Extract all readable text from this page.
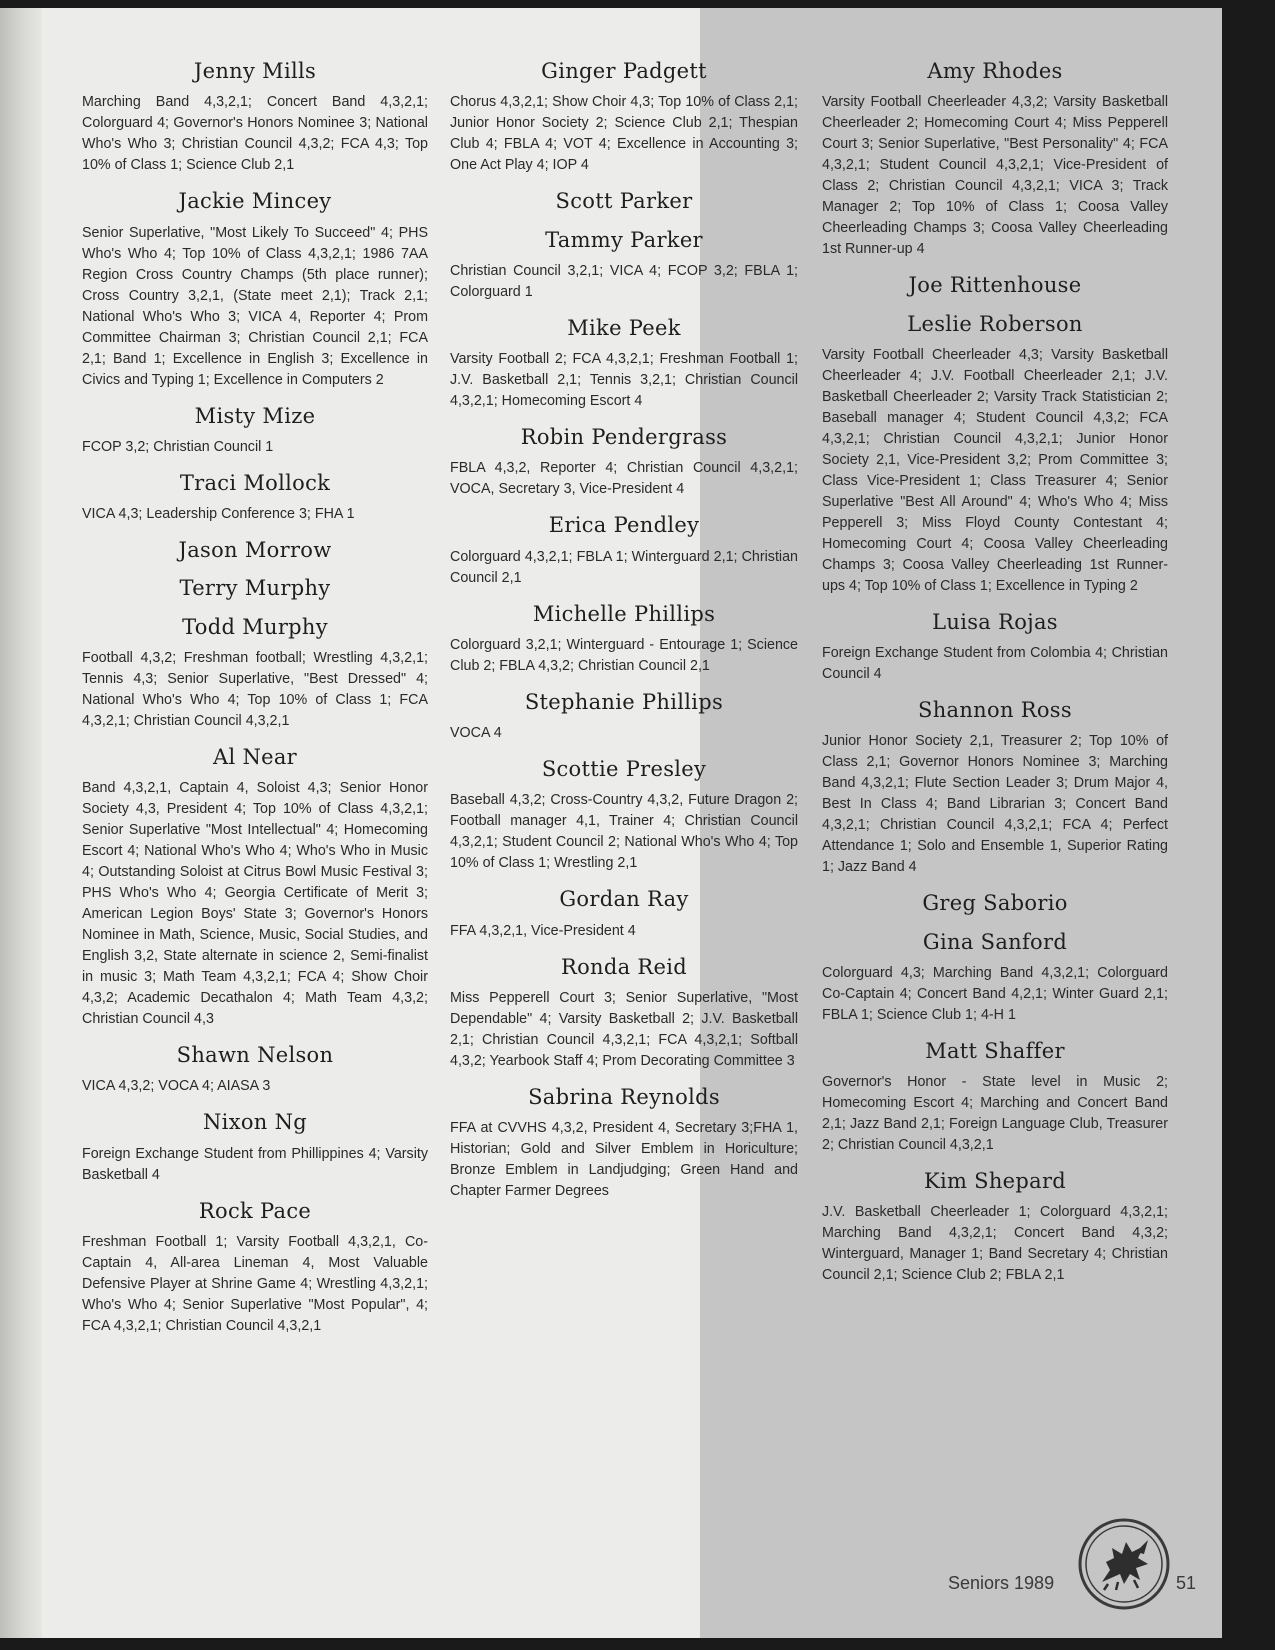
Jenny Mills

Marching Band 4,3,2,1; Concert Band 4,3,2,1; Colorguard 4; Governor's Honors Nominee 3; National Who's Who 3; Christian Council 4,3,2; FCA 4,3; Top 10% of Class 1; Science Club 2,1

Jackie Mincey

Senior Superlative, "Most Likely To Succeed" 4; PHS Who's Who 4; Top 10% of Class 4,3,2,1; 1986 7AA Region Cross Country Champs (5th place runner); Cross Country 3,2,1, (State meet 2,1); Track 2,1; National Who's Who 3; VICA 4, Reporter 4; Prom Committee Chairman 3; Christian Council 2,1; FCA 2,1; Band 1; Excellence in English 3; Excellence in Civics and Typing 1; Excellence in Computers 2

Misty Mize

FCOP 3,2; Christian Council 1

Traci Mollock

VICA 4,3; Leadership Conference 3; FHA 1

Jason Morrow
Terry Murphy
Todd Murphy

Football 4,3,2; Freshman football; Wrestling 4,3,2,1; Tennis 4,3; Senior Superlative, "Best Dressed" 4; National Who's Who 4; Top 10% of Class 1; FCA 4,3,2,1; Christian Council 4,3,2,1

Al Near

Band 4,3,2,1, Captain 4, Soloist 4,3; Senior Honor Society 4,3, President 4; Top 10% of Class 4,3,2,1; Senior Superlative "Most Intellectual" 4; Homecoming Escort 4; National Who's Who 4; Who's Who in Music 4; Outstanding Soloist at Citrus Bowl Music Festival 3; PHS Who's Who 4; Georgia Certificate of Merit 3; American Legion Boys' State 3; Governor's Honors Nominee in Math, Science, Music, Social Studies, and English 3,2, State alternate in science 2, Semi-finalist in music 3; Math Team 4,3,2,1; FCA 4; Show Choir 4,3,2; Academic Decathalon 4; Math Team 4,3,2; Christian Council 4,3

Shawn Nelson

VICA 4,3,2; VOCA 4; AIASA 3

Nixon Ng

Foreign Exchange Student from Phillippines 4; Varsity Basketball 4

Rock Pace

Freshman Football 1; Varsity Football 4,3,2,1, Co-Captain 4, All-area Lineman 4, Most Valuable Defensive Player at Shrine Game 4; Wrestling 4,3,2,1; Who's Who 4; Senior Superlative "Most Popular", 4; FCA 4,3,2,1; Christian Council 4,3,2,1

Ginger Padgett

Chorus 4,3,2,1; Show Choir 4,3; Top 10% of Class 2,1; Junior Honor Society 2; Science Club 2,1; Thespian Club 4; FBLA 4; VOT 4; Excellence in Accounting 3; One Act Play 4; IOP 4

Scott Parker
Tammy Parker

Christian Council 3,2,1; VICA 4; FCOP 3,2; FBLA 1; Colorguard 1

Mike Peek

Varsity Football 2; FCA 4,3,2,1; Freshman Football 1; J.V. Basketball 2,1; Tennis 3,2,1; Christian Council 4,3,2,1; Homecoming Escort 4

Robin Pendergrass

FBLA 4,3,2, Reporter 4; Christian Council 4,3,2,1; VOCA, Secretary 3, Vice-President 4

Erica Pendley

Colorguard 4,3,2,1; FBLA 1; Winterguard 2,1; Christian Council 2,1

Michelle Phillips

Colorguard 3,2,1; Winterguard - Entourage 1; Science Club 2; FBLA 4,3,2; Christian Council 2,1

Stephanie Phillips

VOCA 4

Scottie Presley

Baseball 4,3,2; Cross-Country 4,3,2, Future Dragon 2; Football manager 4,1, Trainer 4; Christian Council 4,3,2,1; Student Council 2; National Who's Who 4; Top 10% of Class 1; Wrestling 2,1

Gordan Ray

FFA 4,3,2,1, Vice-President 4

Ronda Reid

Miss Pepperell Court 3; Senior Superlative, "Most Dependable" 4; Varsity Basketball 2; J.V. Basketball 2,1; Christian Council 4,3,2,1; FCA 4,3,2,1; Softball 4,3,2; Yearbook Staff 4; Prom Decorating Committee 3

Sabrina Reynolds

FFA at CVVHS 4,3,2, President 4, Secretary 3;FHA 1, Historian; Gold and Silver Emblem in Horiculture; Bronze Emblem in Landjudging; Green Hand and Chapter Farmer Degrees

Amy Rhodes

Varsity Football Cheerleader 4,3,2; Varsity Basketball Cheerleader 2; Homecoming Court 4; Miss Pepperell Court 3; Senior Superlative, "Best Personality" 4; FCA 4,3,2,1; Student Council 4,3,2,1; Vice-President of Class 2; Christian Council 4,3,2,1; VICA 3; Track Manager 2; Top 10% of Class 1; Coosa Valley Cheerleading Champs 3; Coosa Valley Cheerleading 1st Runner-up 4

Joe Rittenhouse
Leslie Roberson

Varsity Football Cheerleader 4,3; Varsity Basketball Cheerleader 4; J.V. Football Cheerleader 2,1; J.V. Basketball Cheerleader 2; Varsity Track Statistician 2; Baseball manager 4; Student Council 4,3,2; FCA 4,3,2,1; Christian Council 4,3,2,1; Junior Honor Society 2,1, Vice-President 3,2; Prom Committee 3; Class Vice-President 1; Class Treasurer 4; Senior Superlative "Best All Around" 4; Who's Who 4; Miss Pepperell 3; Miss Floyd County Contestant 4; Homecoming Court 4; Coosa Valley Cheerleading Champs 3; Coosa Valley Cheerleading 1st Runner-ups 4; Top 10% of Class 1; Excellence in Typing 2

Luisa Rojas

Foreign Exchange Student from Colombia 4; Christian Council 4

Shannon Ross

Junior Honor Society 2,1, Treasurer 2; Top 10% of Class 2,1; Governor Honors Nominee 3; Marching Band 4,3,2,1; Flute Section Leader 3; Drum Major 4, Best In Class 4; Band Librarian 3; Concert Band 4,3,2,1; Christian Council 4,3,2,1; FCA 4; Perfect Attendance 1; Solo and Ensemble 1, Superior Rating 1; Jazz Band 4

Greg Saborio
Gina Sanford

Colorguard 4,3; Marching Band 4,3,2,1; Colorguard Co-Captain 4; Concert Band 4,2,1; Winter Guard 2,1; FBLA 1; Science Club 1; 4-H 1

Matt Shaffer

Governor's Honor - State level in Music 2; Homecoming Escort 4; Marching and Concert Band 2,1; Jazz Band 2,1; Foreign Language Club, Treasurer 2; Christian Council 4,3,2,1

Kim Shepard

J.V. Basketball Cheerleader 1; Colorguard 4,3,2,1; Marching Band 4,3,2,1; Concert Band 4,3,2; Winterguard, Manager 1; Band Secretary 4; Christian Council 2,1; Science Club 2; FBLA 2,1

Seniors 1989	51
